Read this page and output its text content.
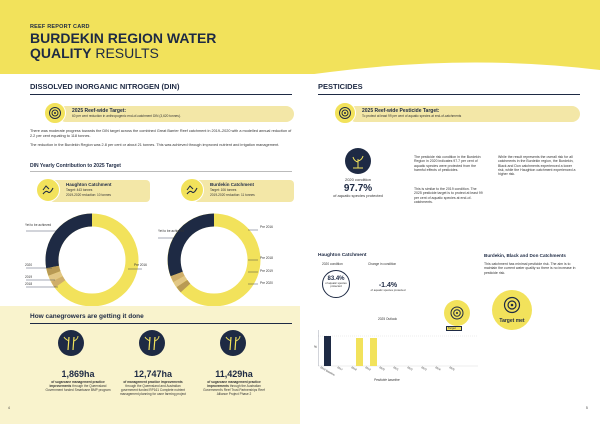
REEF REPORT CARD
BURDEKIN REGION WATER
QUALITY RESULTS
DISSOLVED INORGANIC NITROGEN (DIN)
2025 Reef-wide Target:
60 per cent reduction in anthropogenic end-of-catchment DIN (3,620 tonnes).
There was moderate progress towards the DIN target across the combined Great Barrier Reef catchment in 2019–2020 with a modelled annual reduction of 2.2 per cent equating to 118 tonnes.
The reduction in the Burdekin Region was 2.8 per cent or about 21 tonnes. This was achieved through improved nutrient and irrigation management.
DIN Yearly Contribution to 2025 Target
Haughton Catchment
Target: 443 tonnes
2019-2020 reduction: 10 tonnes
Burdekin Catchment
Target: 106 tonnes
2019-2020 reduction: 11 tonnes
Yet to be achieved
2020
2019
2018
Pre 2016
Yet to be achieved
Pre 2016
Pre 2018
Pre 2019
Pre 2020
How canegrowers are getting it done
1,869ha
of sugarcane management practice improvements through the Queensland Government funded Smartcane BMP program
12,747ha
of management practice improvements through the Queensland and Australian government funded RP161 Complete nutrient management planning for cane farming project
11,429ha
of sugarcane management practice improvements through the Australian Government's Reef Trust Partnerships Reef Alliance Project Phase 2
4
PESTICIDES
2025 Reef-wide Pesticide Target:
To protect at least 99 per cent of aquatic species at end-of-catchments
2020 condition
97.7%
of aquatic species protected
The pesticide risk condition in the Burdekin Region in 2020 indicates 97.7 per cent of aquatic species were protected from the harmful effects of pesticides.
This is similar to the 2019 condition. The 2025 pesticide target is to protect at least 99 per cent of aquatic species at end-of-catchments.
While the result represents the overall risk for all catchments in the Burdekin region, the Burdekin, Black and Don catchments experienced a lower risk, while the Haughton catchment experienced a higher risk.
Haughton Catchment
2020 condition	Change in condition
83.4%
of aquatic species protected	-1.4%
of aquatic species protected
Target
2025 Outlook
%
2016 Baseline 2017	2018	2019	2020	2021	2022	2023	2024	2025
Pesticide baseline
Burdekin, Black and Don Catchments
This catchment has minimal pesticide risk. The aim is to maintain the current water quality so there is no increase in pesticide risk.
Target met
5
